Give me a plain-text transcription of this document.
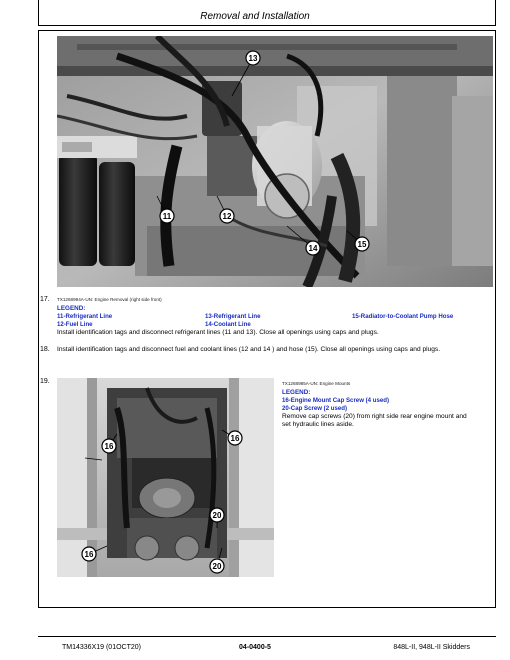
Removal and Installation
13
11	12
14	15
17. TX1268994A-UN: Engine Removal (right side front)
LEGEND:
11-Refrigerant Line
12-Fuel Line
13-Refrigerant Line
14-Coolant Line
15-Radiator-to-Coolant Pump Hose
Install identification tags and disconnect refrigerant lines (11 and 13). Close all openings using caps and plugs.
18. Install identification tags and disconnect fuel and coolant lines (12 and 14 ) and hose (15). Close all openings using caps and plugs.
19.
16
16
20
16
20
TX1268985A-UN: Engine Mounts
LEGEND:
16-Engine Mount Cap Screw (4 used)
20-Cap Screw (2 used)
Remove cap screws (20) from right side rear engine mount and
set hydraulic lines aside.
TM14336X19 (01OCT20)	04-0400-5	848L-II, 948L-II Skidders
